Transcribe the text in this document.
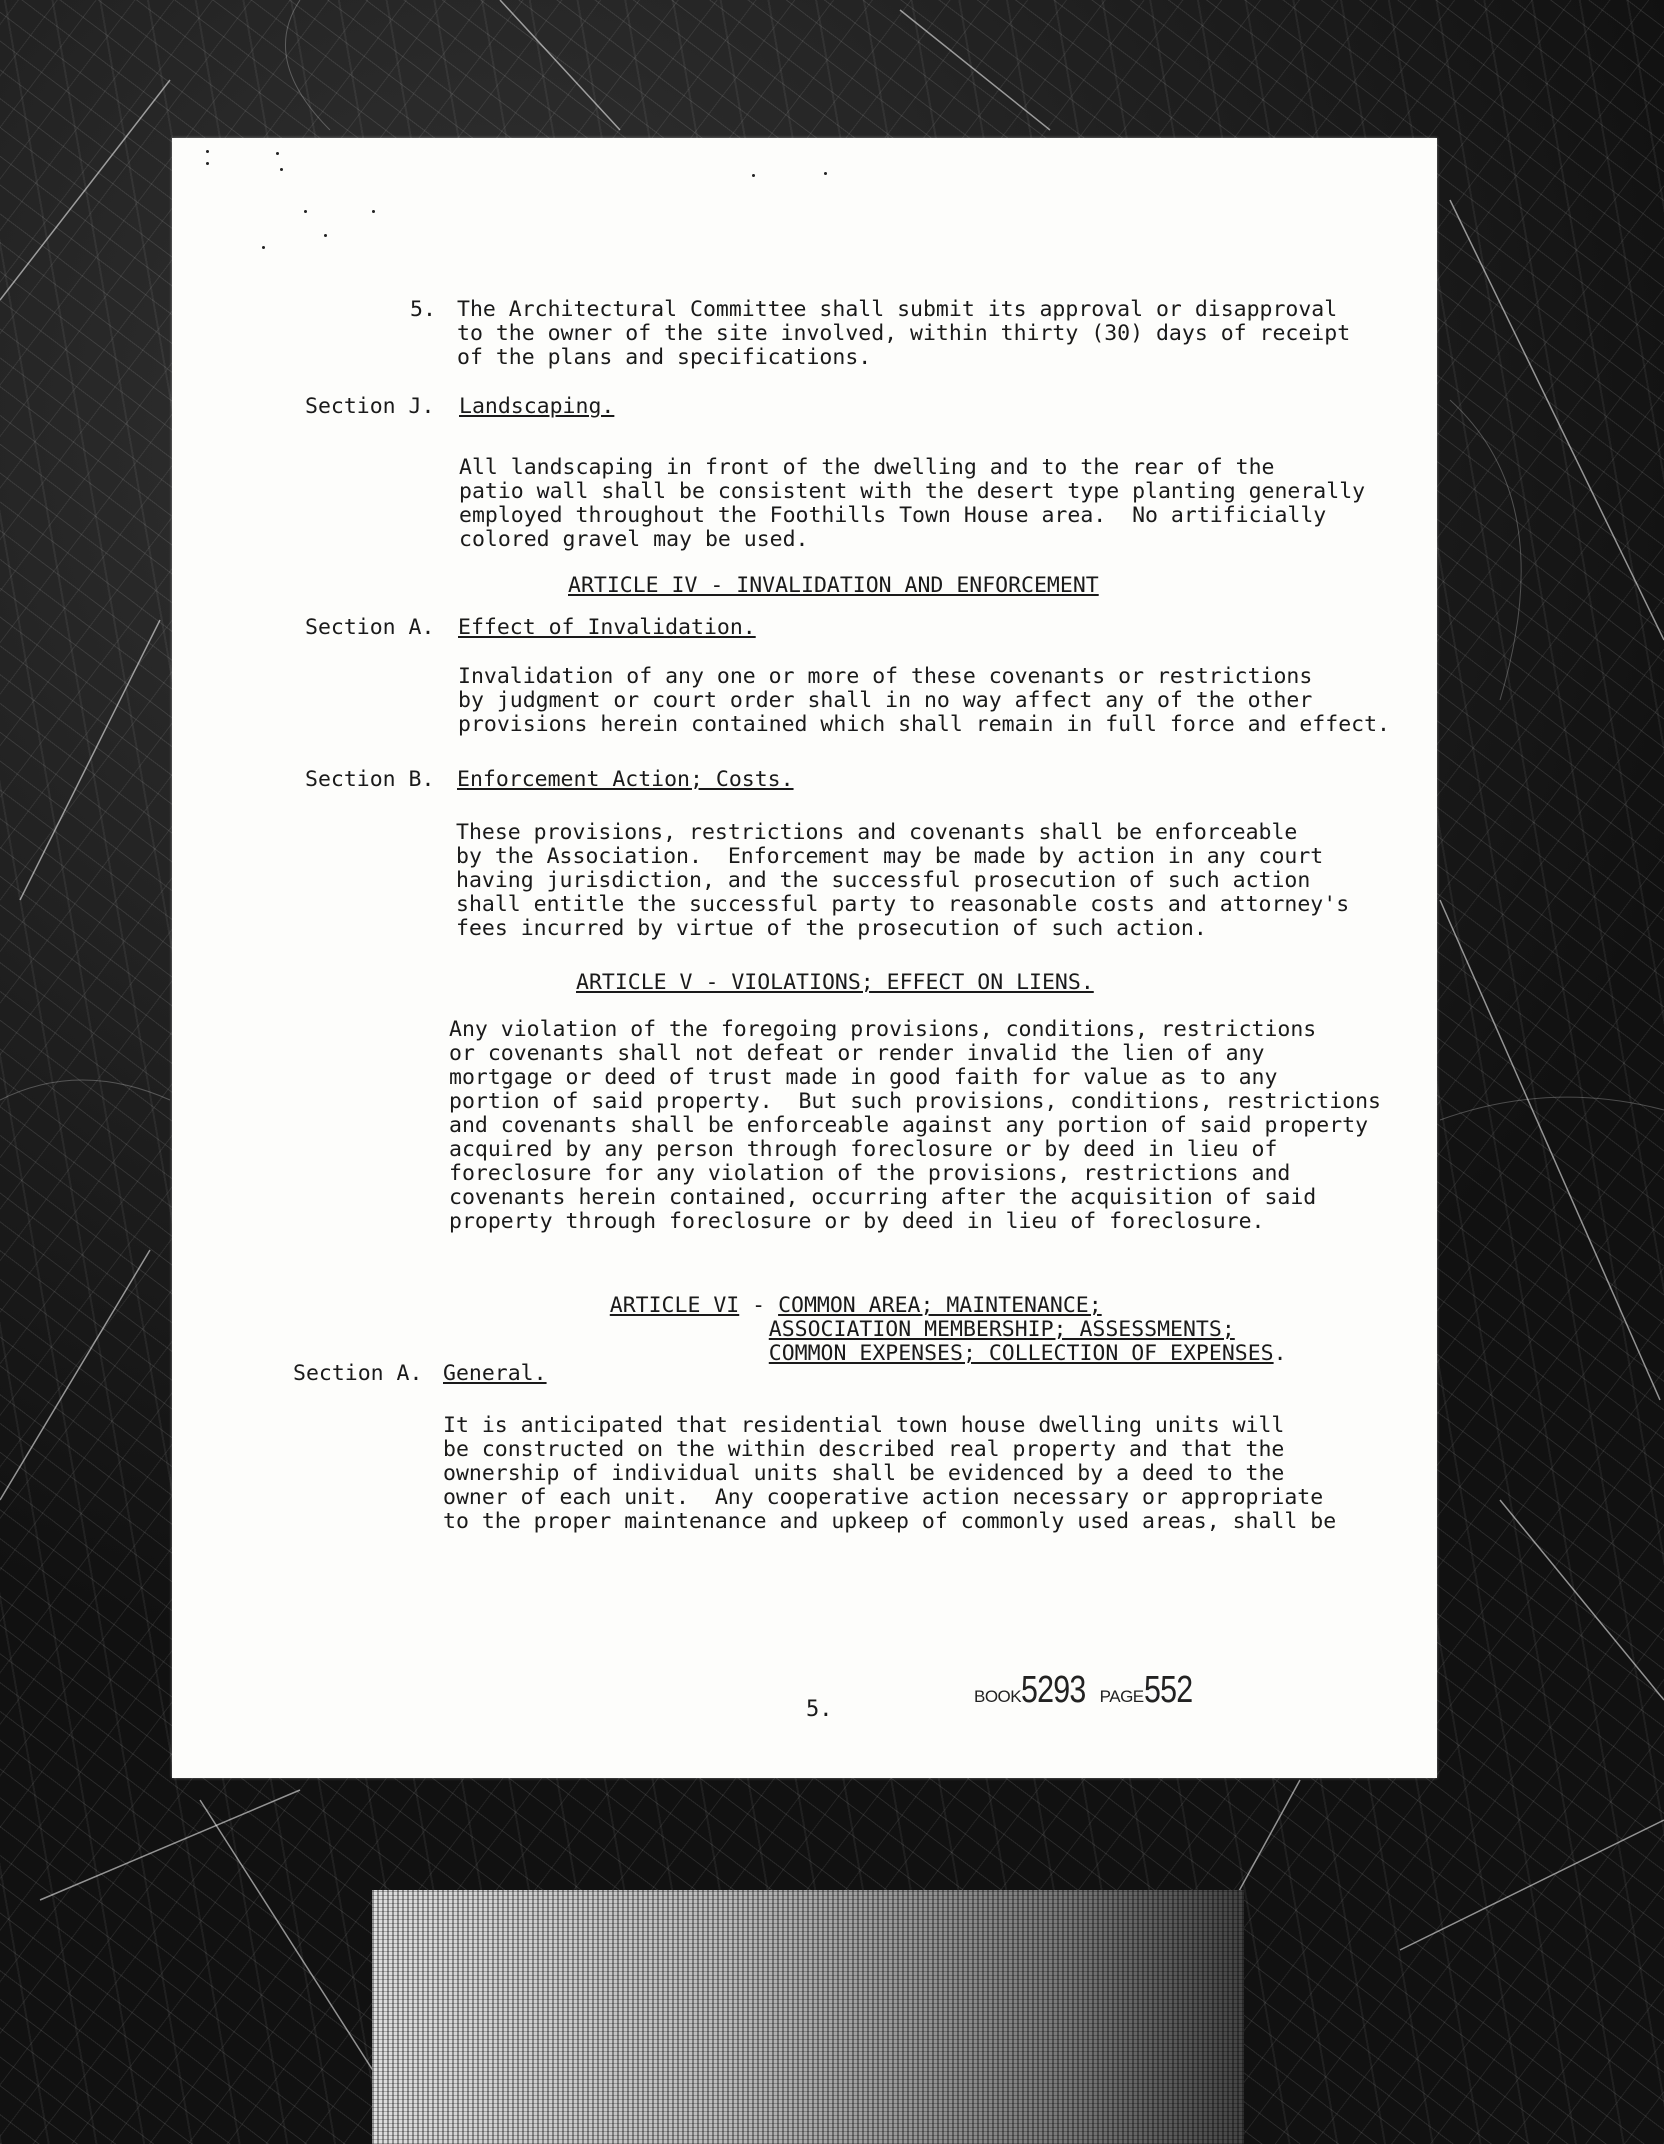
5. The Architectural Committee shall submit its approval or disapproval
to the owner of the site involved, within thirty (30) days of receipt
of the plans and specifications.

Section J. Landscaping.

All landscaping in front of the dwelling and to the rear of the
patio wall shall be consistent with the desert type planting generally
employed throughout the Foothills Town House area.  No artificially
colored gravel may be used.

ARTICLE IV - INVALIDATION AND ENFORCEMENT
Section A. Effect of Invalidation.

Invalidation of any one or more of these covenants or restrictions
by judgment or court order shall in no way affect any of the other
provisions herein contained which shall remain in full force and effect.

Section B. Enforcement Action; Costs.

These provisions, restrictions and covenants shall be enforceable
by the Association.  Enforcement may be made by action in any court
having jurisdiction, and the successful prosecution of such action
shall entitle the successful party to reasonable costs and attorney's
fees incurred by virtue of the prosecution of such action.

ARTICLE V - VIOLATIONS; EFFECT ON LIENS.

Any violation of the foregoing provisions, conditions, restrictions
or covenants shall not defeat or render invalid the lien of any
mortgage or deed of trust made in good faith for value as to any
portion of said property.  But such provisions, conditions, restrictions
and covenants shall be enforceable against any portion of said property
acquired by any person through foreclosure or by deed in lieu of
foreclosure for any violation of the provisions, restrictions and
covenants herein contained, occurring after the acquisition of said
property through foreclosure or by deed in lieu of foreclosure.

ARTICLE VI - COMMON AREA; MAINTENANCE;

ASSOCIATION MEMBERSHIP; ASSESSMENTS;

COMMON EXPENSES; COLLECTION OF EXPENSES.

Section A. General.

It is anticipated that residential town house dwelling units will
be constructed on the within described real property and that the
ownership of individual units shall be evidenced by a deed to the
owner of each unit.  Any cooperative action necessary or appropriate
to the proper maintenance and upkeep of commonly used areas, shall be

5.
BOOK5293 PAGE552
